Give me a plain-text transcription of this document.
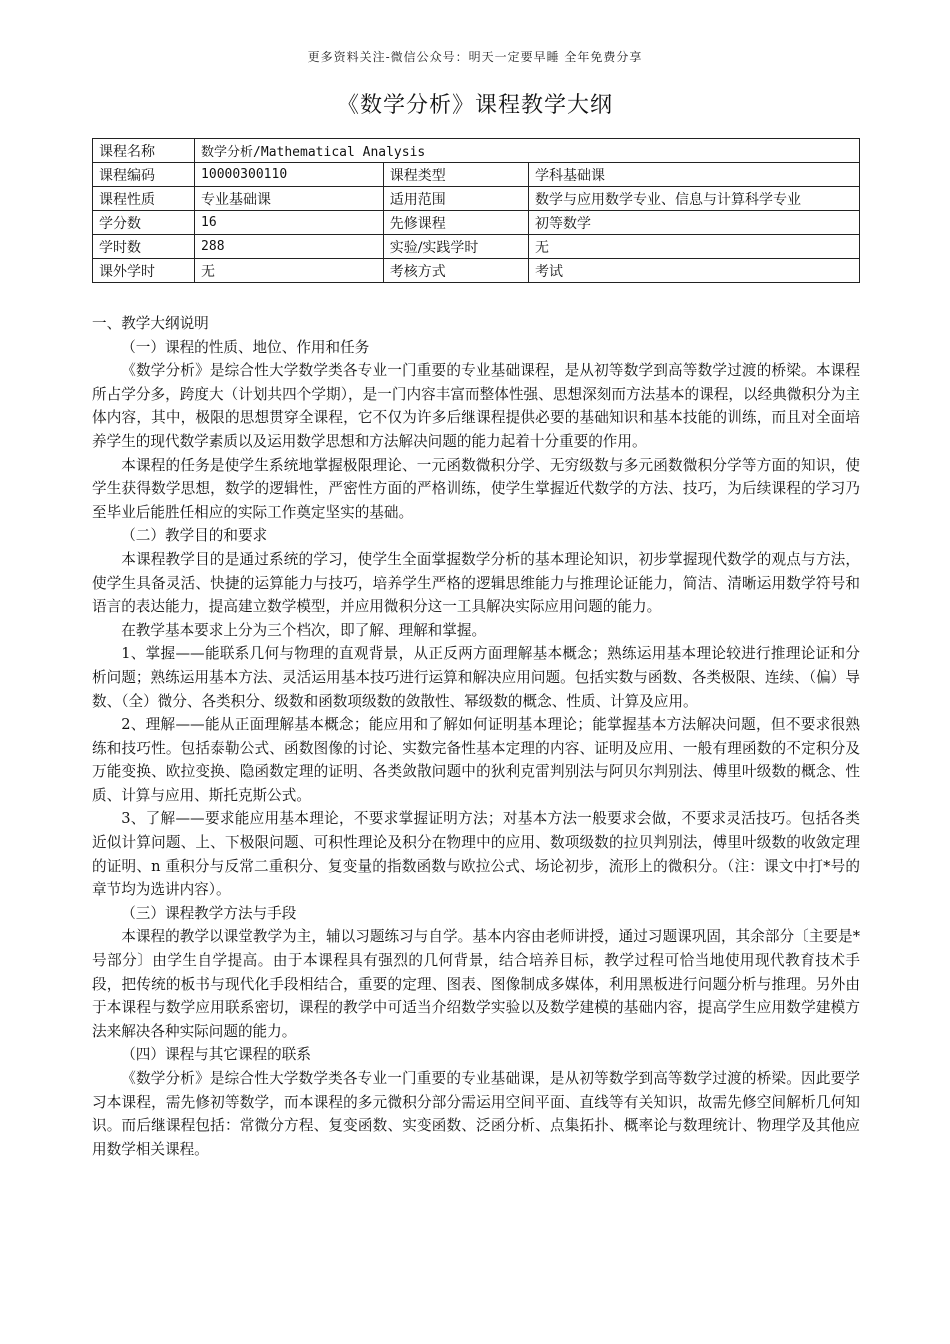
更多资料关注-微信公众号：明天一定要早睡 全年免费分享
《数学分析》课程教学大纲
课程名称	数学分析/Mathematical Analysis		
课程编码	10000300110	课程类型	学科基础课
课程性质	专业基础课	适用范围	数学与应用数学专业、信息与计算科学专业
学分数	16	先修课程	初等数学
学时数	288	实验/实践学时	无
课外学时	无	考核方式	考试

一、教学大纲说明

（一）课程的性质、地位、作用和任务

《数学分析》是综合性大学数学类各专业一门重要的专业基础课程，是从初等数学到高等数学过渡的桥梁。本课程所占学分多，跨度大（计划共四个学期），是一门内容丰富而整体性强、思想深刻而方法基本的课程，以经典微积分为主体内容，其中，极限的思想贯穿全课程，它不仅为许多后继课程提供必要的基础知识和基本技能的训练，而且对全面培养学生的现代数学素质以及运用数学思想和方法解决问题的能力起着十分重要的作用。

本课程的任务是使学生系统地掌握极限理论、一元函数微积分学、无穷级数与多元函数微积分学等方面的知识，使学生获得数学思想，数学的逻辑性，严密性方面的严格训练，使学生掌握近代数学的方法、技巧，为后续课程的学习乃至毕业后能胜任相应的实际工作奠定坚实的基础。

（二）教学目的和要求

本课程教学目的是通过系统的学习，使学生全面掌握数学分析的基本理论知识，初步掌握现代数学的观点与方法，使学生具备灵活、快捷的运算能力与技巧，培养学生严格的逻辑思维能力与推理论证能力，简洁、清晰运用数学符号和语言的表达能力，提高建立数学模型，并应用微积分这一工具解决实际应用问题的能力。

在教学基本要求上分为三个档次，即了解、理解和掌握。

1、掌握——能联系几何与物理的直观背景，从正反两方面理解基本概念；熟练运用基本理论较进行推理论证和分析问题；熟练运用基本方法、灵活运用基本技巧进行运算和解决应用问题。包括实数与函数、各类极限、连续、（偏）导数、（全）微分、各类积分、级数和函数项级数的敛散性、幂级数的概念、性质、计算及应用。

2、理解——能从正面理解基本概念；能应用和了解如何证明基本理论；能掌握基本方法解决问题，但不要求很熟练和技巧性。包括泰勒公式、函数图像的讨论、实数完备性基本定理的内容、证明及应用、一般有理函数的不定积分及万能变换、欧拉变换、隐函数定理的证明、各类敛散问题中的狄利克雷判别法与阿贝尔判别法、傅里叶级数的概念、性质、计算与应用、斯托克斯公式。

3、了解——要求能应用基本理论，不要求掌握证明方法；对基本方法一般要求会做，不要求灵活技巧。包括各类近似计算问题、上、下极限问题、可积性理论及积分在物理中的应用、数项级数的拉贝判别法，傅里叶级数的收敛定理的证明、n 重积分与反常二重积分、复变量的指数函数与欧拉公式、场论初步，流形上的微积分。（注：课文中打*号的章节均为选讲内容）。

（三）课程教学方法与手段

本课程的教学以课堂教学为主，辅以习题练习与自学。基本内容由老师讲授，通过习题课巩固，其余部分〔主要是*号部分〕由学生自学提高。由于本课程具有强烈的几何背景，结合培养目标，教学过程可恰当地使用现代教育技术手段，把传统的板书与现代化手段相结合，重要的定理、图表、图像制成多媒体，利用黑板进行问题分析与推理。另外由于本课程与数学应用联系密切，课程的教学中可适当介绍数学实验以及数学建模的基础内容，提高学生应用数学建模方法来解决各种实际问题的能力。

（四）课程与其它课程的联系

《数学分析》是综合性大学数学类各专业一门重要的专业基础课，是从初等数学到高等数学过渡的桥梁。因此要学习本课程，需先修初等数学，而本课程的多元微积分部分需运用空间平面、直线等有关知识，故需先修空间解析几何知识。而后继课程包括：常微分方程、复变函数、实变函数、泛函分析、点集拓扑、概率论与数理统计、物理学及其他应用数学相关课程。
